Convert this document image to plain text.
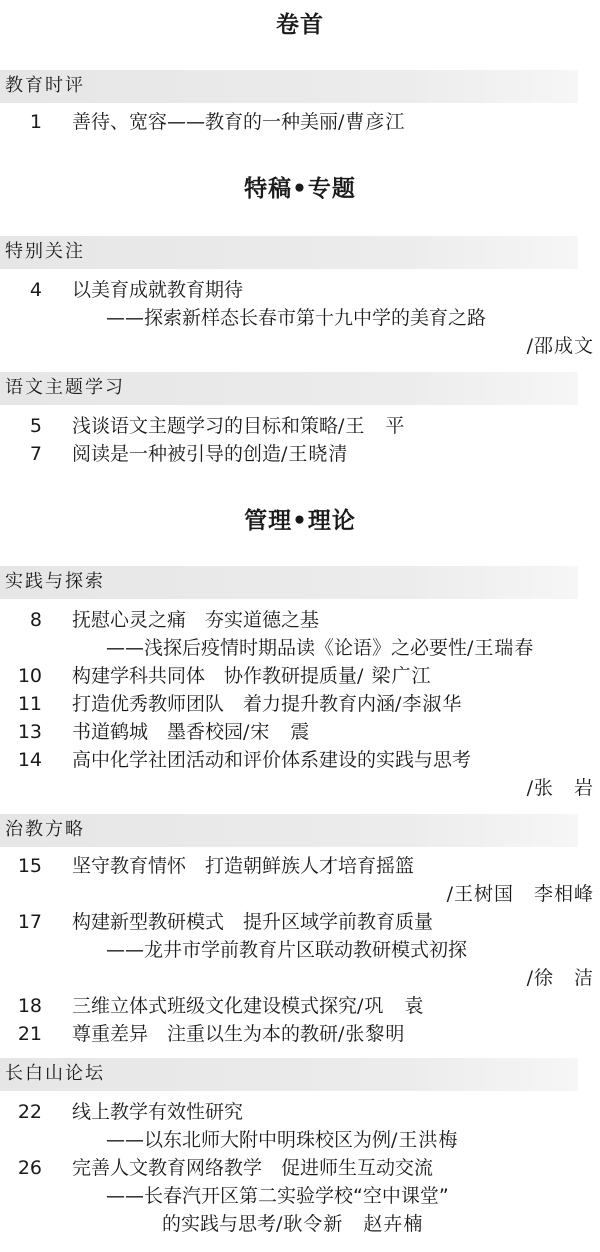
卷首
教育时评
1 善待、宽容——教育的一种美丽/曹彦江
特稿•专题
特别关注
4 以美育成就教育期待
——探索新样态长春市第十九中学的美育之路
/邵成文
语文主题学习
5 浅谈语文主题学习的目标和策略/王　平
7 阅读是一种被引导的创造/王晓清
管理•理论
实践与探索
8 抚慰心灵之痛　夯实道德之基
——浅探后疫情时期品读《论语》之必要性/王瑞春
10 构建学科共同体　协作教研提质量/ 梁广江
11 打造优秀教师团队　着力提升教育内涵/李淑华
13 书道鹤城　墨香校园/宋　震
14 高中化学社团活动和评价体系建设的实践与思考
/张　岩
治教方略
15 坚守教育情怀　打造朝鲜族人才培育摇篮
/王树国　李相峰
17 构建新型教研模式　提升区域学前教育质量
——龙井市学前教育片区联动教研模式初探
/徐　洁
18 三维立体式班级文化建设模式探究/巩　袁
21 尊重差异　注重以生为本的教研/张黎明
长白山论坛
22 线上教学有效性研究
——以东北师大附中明珠校区为例/王洪梅
26 完善人文教育网络教学　促进师生互动交流
——长春汽开区第二实验学校“空中课堂”
的实践与思考/耿令新　赵卉楠
